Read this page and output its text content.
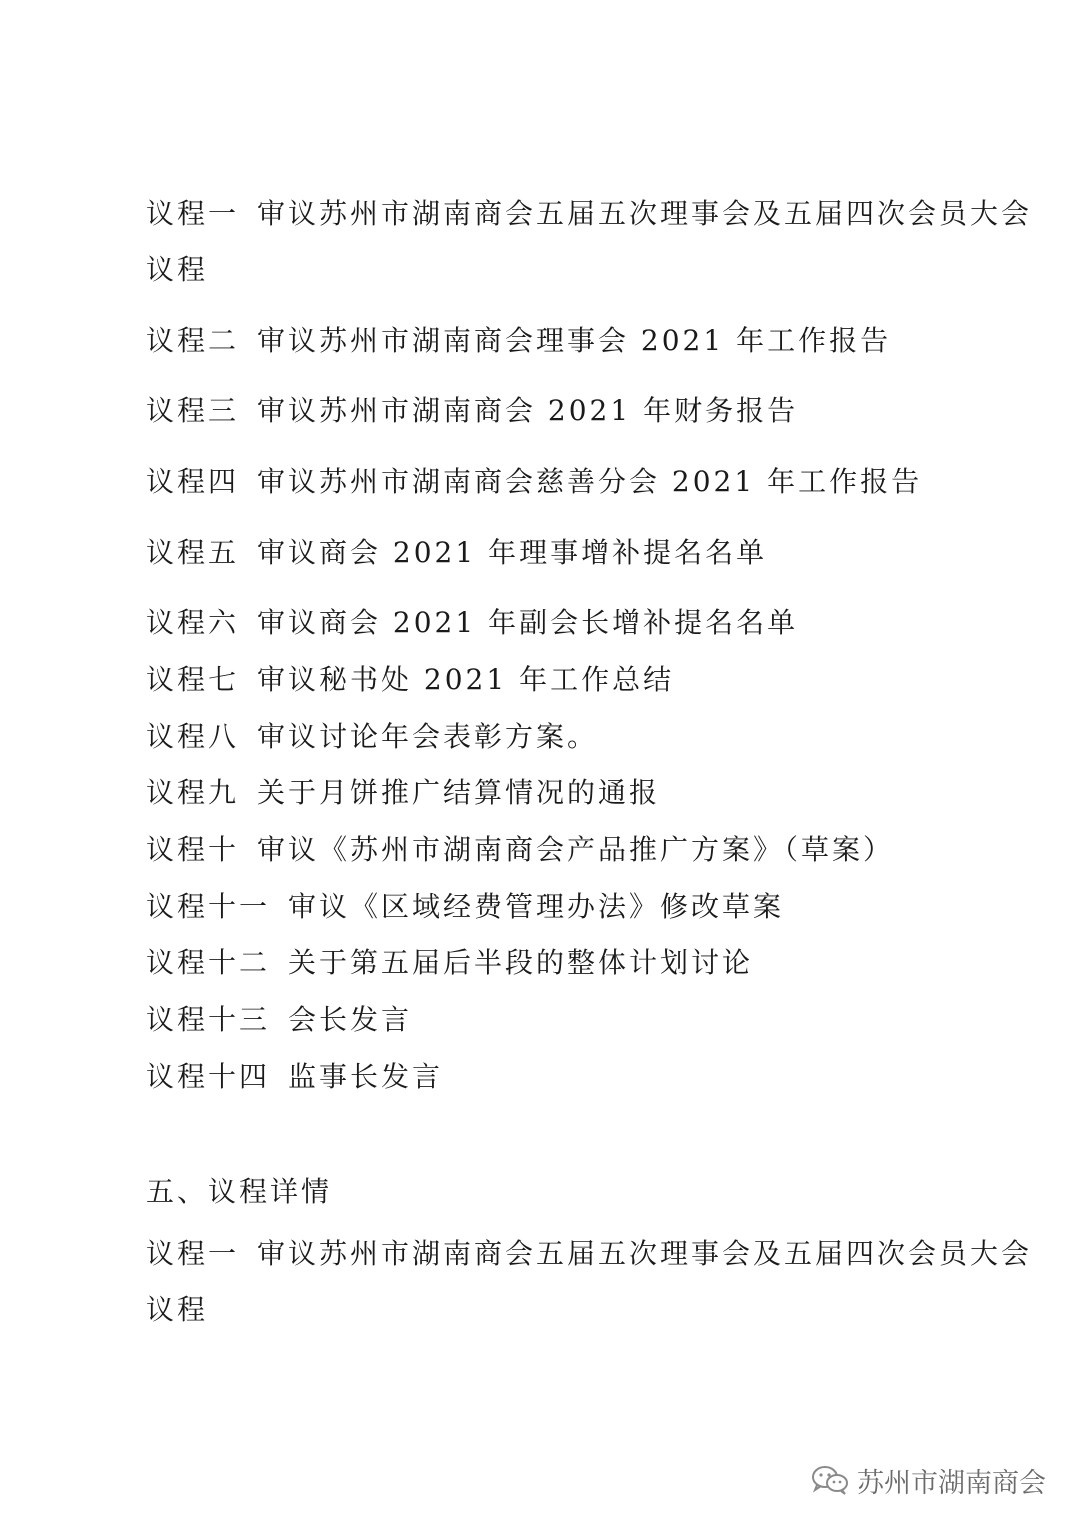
议程一 审议苏州市湖南商会五届五次理事会及五届四次会员大会
议程
议程二 审议苏州市湖南商会理事会 2021 年工作报告
议程三 审议苏州市湖南商会 2021 年财务报告
议程四 审议苏州市湖南商会慈善分会 2021 年工作报告
议程五 审议商会 2021 年理事增补提名名单
议程六 审议商会 2021 年副会长增补提名名单
议程七 审议秘书处 2021 年工作总结
议程八 审议讨论年会表彰方案。
议程九 关于月饼推广结算情况的通报
议程十 审议《苏州市湖南商会产品推广方案》（草案）
议程十一 审议《区域经费管理办法》修改草案
议程十二 关于第五届后半段的整体计划讨论
议程十三 会长发言
议程十四 监事长发言
五、议程详情
议程一 审议苏州市湖南商会五届五次理事会及五届四次会员大会
议程
苏州市湖南商会
